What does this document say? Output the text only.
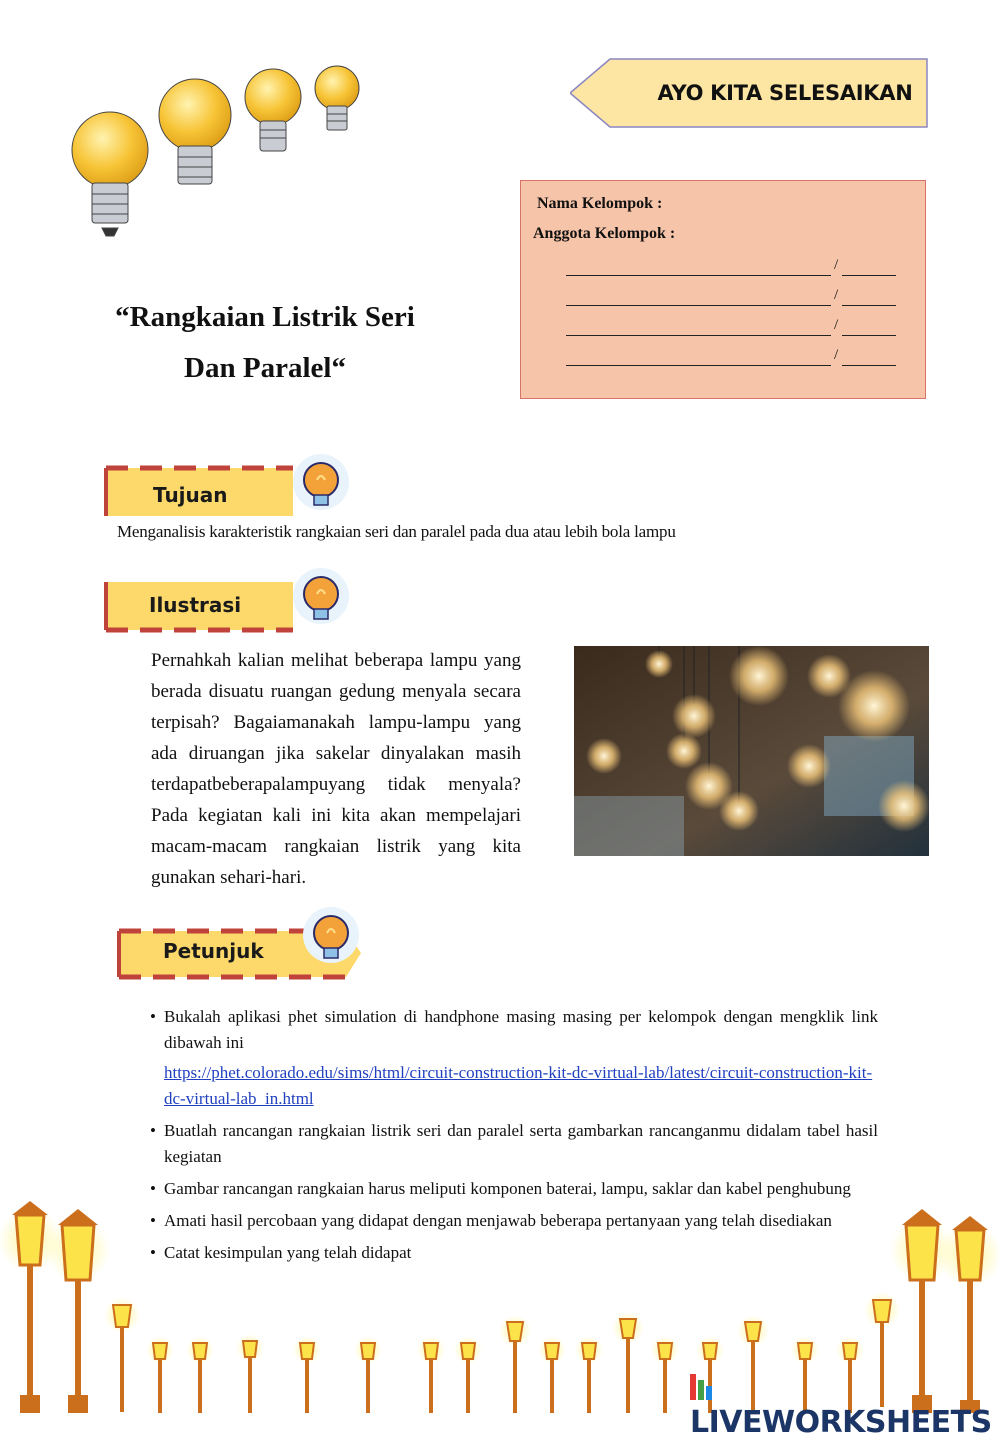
AYO KITA SELESAIKAN
Nama Kelompok :
Anggota Kelompok :
/
/
/
/
“Rangkaian Listrik Seri
Dan Paralel“
Tujuan
Menganalisis karakteristik rangkaian seri dan paralel pada dua atau lebih bola lampu
Ilustrasi
Pernahkah kalian melihat beberapa lampu yang berada disuatu ruangan gedung menyala secara terpisah? Bagaiamanakah lampu-lampu yang ada diruangan jika sakelar dinyalakan masih terdapatbeberapalampuyang tidak menyala? Pada kegiatan kali ini kita akan mempelajari macam-macam rangkaian listrik yang kita gunakan sehari-hari.
Petunjuk
• Bukalah aplikasi phet simulation di handphone masing masing per kelompok dengan mengklik link dibawah ini
https://phet.colorado.edu/sims/html/circuit-construction-kit-dc-virtual-lab/latest/circuit-construction-kit-dc-virtual-lab_in.html
• Buatlah rancangan rangkaian listrik seri dan paralel serta gambarkan rancanganmu didalam tabel hasil kegiatan
• Gambar rancangan rangkaian harus meliputi komponen baterai, lampu, saklar dan kabel penghubung
• Amati hasil percobaan yang didapat dengan menjawab beberapa pertanyaan yang telah disediakan
• Catat kesimpulan yang telah didapat
LIVEWORKSHEETS
